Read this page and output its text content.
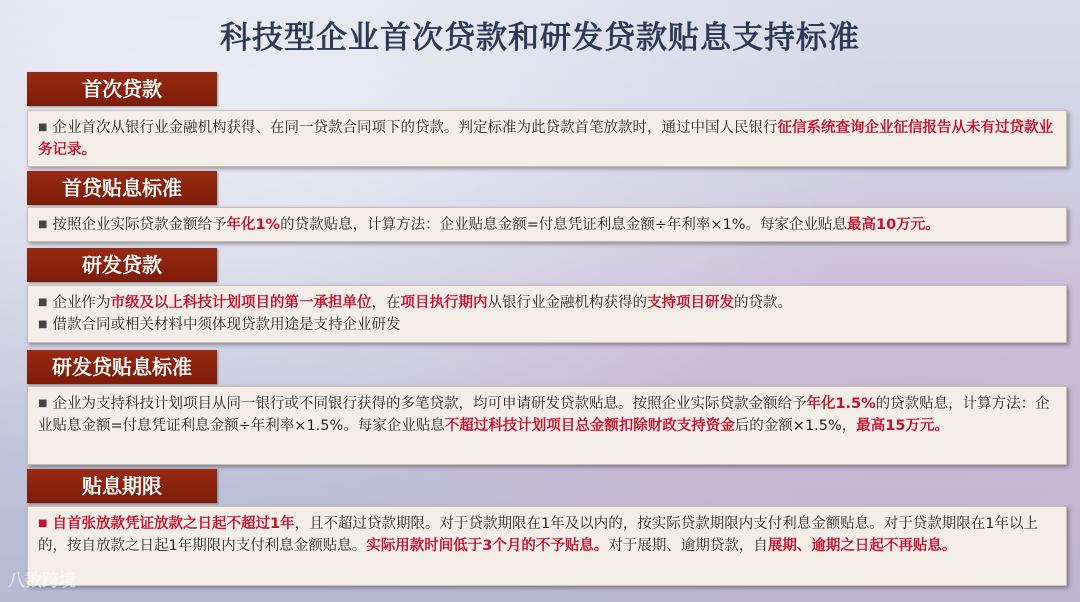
科技型企业首次贷款和研发贷款贴息支持标准
首次贷款

■ 企业首次从银行业金融机构获得、在同一贷款合同项下的贷款。判定标准为此贷款首笔放款时，通过中国人民银行征信系统查询企业征信报告从未有过贷款业务记录。

首贷贴息标准

■ 按照企业实际贷款金额给予年化1%的贷款贴息，计算方法：企业贴息金额=付息凭证利息金额÷年利率×1%。每家企业贴息最高10万元。

研发贷款

■ 企业作为市级及以上科技计划项目的第一承担单位，在项目执行期内从银行业金融机构获得的支持项目研发的贷款。

■ 借款合同或相关材料中须体现贷款用途是支持企业研发

研发贷贴息标准

■ 企业为支持科技计划项目从同一银行或不同银行获得的多笔贷款，均可申请研发贷款贴息。按照企业实际贷款金额给予年化1.5%的贷款贴息，计算方法：企业贴息金额=付息凭证利息金额÷年利率×1.5%。每家企业贴息不超过科技计划项目总金额扣除财政支持资金后的金额×1.5%，最高15万元。

贴息期限

■ 自首张放款凭证放款之日起不超过1年，且不超过贷款期限。对于贷款期限在1年及以内的，按实际贷款期限内支付利息金额贴息。对于贷款期限在1年以上的，按自放款之日起1年期限内支付利息金额贴息。实际用款时间低于3个月的不予贴息。对于展期、逾期贷款，自展期、逾期之日起不再贴息。

八数跨境
